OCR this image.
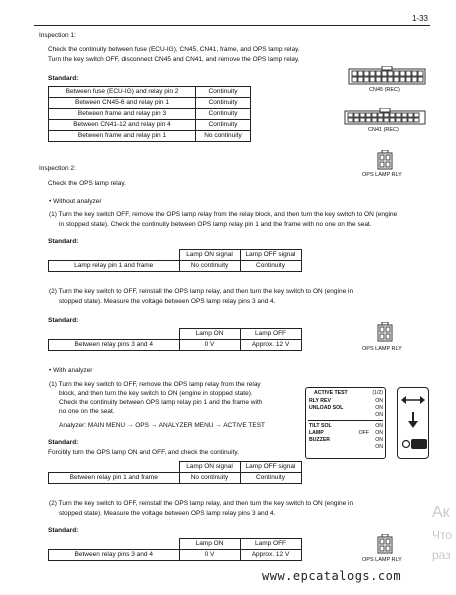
1-33
Inspection 1:
Check the continuity between fuse (ECU-IG), CN45, CN41, frame, and OPS lamp relay.
Turn the key switch OFF, disconnect CN45 and CN41, and remove the OPS lamp relay.
Standard:
Between fuse (ECU-IG) and relay pin 2	Continuity
Between CN45-6 and relay pin 1	Continuity
Between frame and relay pin 3	Continuity
Between CN41-12 and relay pin 4	Continuity
Between frame and relay pin 1	No continuity
CN45 (REC)
CN41 (REC)
OPS LAMP RLY
Inspection 2:
Check the OPS lamp relay.
• Without analyzer
(1) Turn the key switch OFF, remove the OPS lamp relay from the relay block, and then turn the key switch to ON (engine
in stopped state). Check the continuity between OPS lamp relay pin 1 and the frame with no one on the seat.
Standard:
	Lamp ON signal	Lamp OFF signal
Lamp relay pin 1 and frame	No continuity	Continuity
(2) Turn the key switch to OFF, reinstall the OPS lamp relay, and then turn the key switch to ON (engine in
stopped state). Measure the voltage between OPS lamp relay pins 3 and 4.
Standard:
	Lamp ON	Lamp OFF
Between relay pins 3 and 4	0 V	Approx. 12 V
OPS LAMP RLY
• With analyzer
(1) Turn the key switch to OFF, remove the OPS lamp relay from the relay
block, and then turn the key switch to ON (engine in stopped state).
Check the continuity between OPS lamp relay pin 1 and the frame with
no one on the seat.
Analyzer: MAIN MENU → OPS → ANALYZER MENU → ACTIVE TEST
Standard:
Forcibly turn the OPS lamp ON and OFF, and check the continuity.
ACTIVE TEST	(1/2)
RLY REV	ON
UNLOAD SOL	ON
ON
TILT SOL	ON
LAMP	OFF ON
BUZZER	ON
ON
	Lamp ON signal	Lamp OFF signal
Between relay pin 1 and frame	No continuity	Continuity
(2) Turn the key switch to OFF, reinstall the OPS lamp relay, and then turn the key switch to ON (engine in
stopped state). Measure the voltage between OPS lamp relay pins 3 and 4.
Standard:
	Lamp ON	Lamp OFF
Between relay pins 3 and 4	0 V	Approx. 12 V
OPS LAMP RLY
www.epcatalogs.com
Ак
Что
раз
